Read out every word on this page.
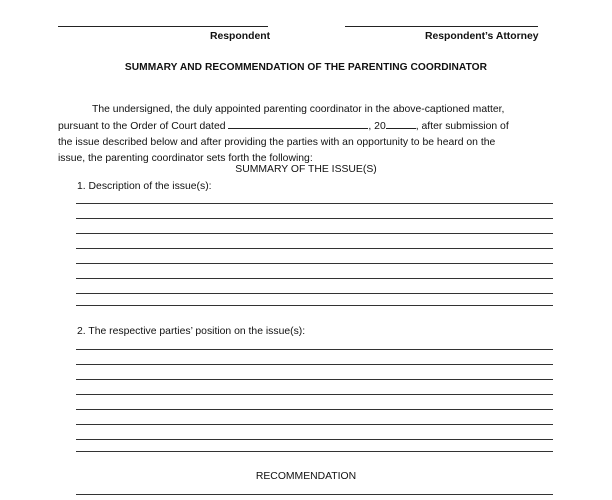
Respondent	Respondent’s Attorney
SUMMARY AND RECOMMENDATION OF THE PARENTING COORDINATOR
The undersigned, the duly appointed parenting coordinator in the above-captioned matter,
pursuant to the Order of Court dated	, 20	, after submission of
the issue described below and after providing the parties with an opportunity to be heard on the
issue, the parenting coordinator sets forth the following:
SUMMARY OF THE ISSUE(S)
1. Description of the issue(s):
2. The respective parties’ position on the issue(s):
RECOMMENDATION
